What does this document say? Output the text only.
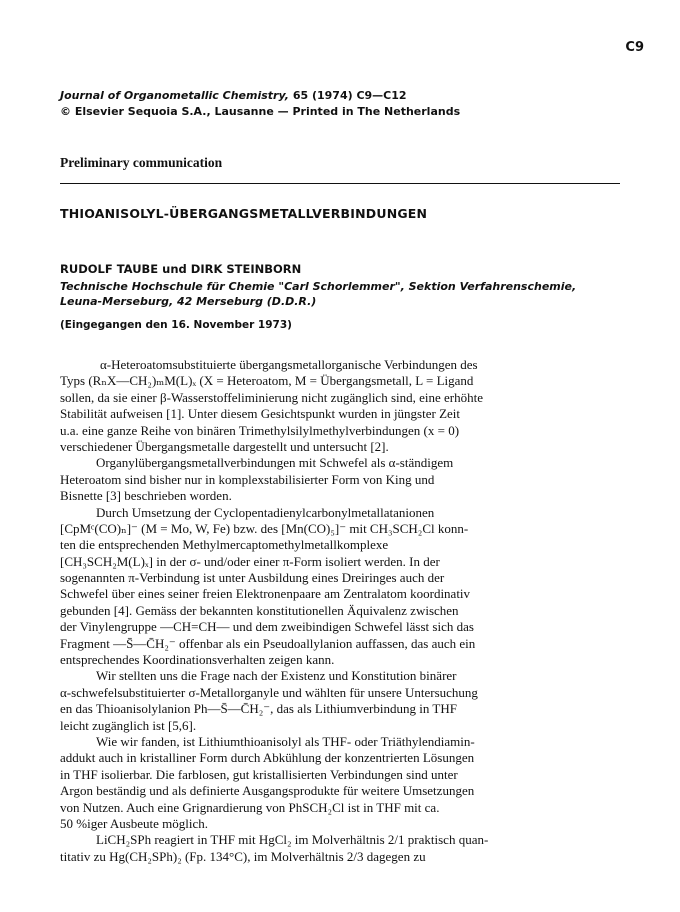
C9
Journal of Organometallic Chemistry, 65 (1974) C9—C12
© Elsevier Sequoia S.A., Lausanne — Printed in The Netherlands
Preliminary communication
THIOANISOLYL-ÜBERGANGSMETALLVERBINDUNGEN
RUDOLF TAUBE und DIRK STEINBORN
Technische Hochschule für Chemie "Carl Schorlemmer", Sektion Verfahrenschemie,
Leuna-Merseburg, 42 Merseburg (D.D.R.)
(Eingegangen den 16. November 1973)
α-Heteroatomsubstituierte übergangsmetallorganische Verbindungen des
Typs (RₙX—CH₂)ₘM(L)ₓ (X = Heteroatom, M = Übergangsmetall, L = Ligand
sollen, da sie einer β-Wasserstoffeliminierung nicht zugänglich sind, eine erhöhte
Stabilität aufweisen [1]. Unter diesem Gesichtspunkt wurden in jüngster Zeit
u.a. eine ganze Reihe von binären Trimethylsilylmethylverbindungen (x = 0)
verschiedener Übergangsmetalle dargestellt und untersucht [2].
Organylübergangsmetallverbindungen mit Schwefel als α-ständigem
Heteroatom sind bisher nur in komplexstabilisierter Form von King und
Bisnette [3] beschrieben worden.
Durch Umsetzung der Cyclopentadienylcarbonylmetallatanionen
[CpMᶜ(CO)ₙ]⁻ (M = Mo, W, Fe) bzw. des [Mn(CO)₅]⁻ mit CH₃SCH₂Cl konn-
ten die entsprechenden Methylmercaptomethylmetallkomplexe
[CH₃SCH₂M(L)ₓ] in der σ- und/oder einer π-Form isoliert werden. In der
sogenannten π-Verbindung ist unter Ausbildung eines Dreiringes auch der
Schwefel über eines seiner freien Elektronenpaare am Zentralatom koordinativ
gebunden [4]. Gemäss der bekannten konstitutionellen Äquivalenz zwischen
der Vinylengruppe —CH=CH— und dem zweibindigen Schwefel lässt sich das
Fragment —S̄—C̄H₂⁻ offenbar als ein Pseudoallylanion auffassen, das auch ein
entsprechendes Koordinationsverhalten zeigen kann.
Wir stellten uns die Frage nach der Existenz und Konstitution binärer
α-schwefelsubstituierter σ-Metallorganyle und wählten für unsere Untersuchung
en das Thioanisolylanion Ph—S̄—C̄H₂⁻, das als Lithiumverbindung in THF
leicht zugänglich ist [5,6].
Wie wir fanden, ist Lithiumthioanisolyl als THF- oder Triäthylendiamin-
addukt auch in kristalliner Form durch Abkühlung der konzentrierten Lösungen
in THF isolierbar. Die farblosen, gut kristallisierten Verbindungen sind unter
Argon beständig und als definierte Ausgangsprodukte für weitere Umsetzungen
von Nutzen. Auch eine Grignardierung von PhSCH₂Cl ist in THF mit ca.
50 %iger Ausbeute möglich.
LiCH₂SPh reagiert in THF mit HgCl₂ im Molverhältnis 2/1 praktisch quan-
titativ zu Hg(CH₂SPh)₂ (Fp. 134°C), im Molverhältnis 2/3 dagegen zu
